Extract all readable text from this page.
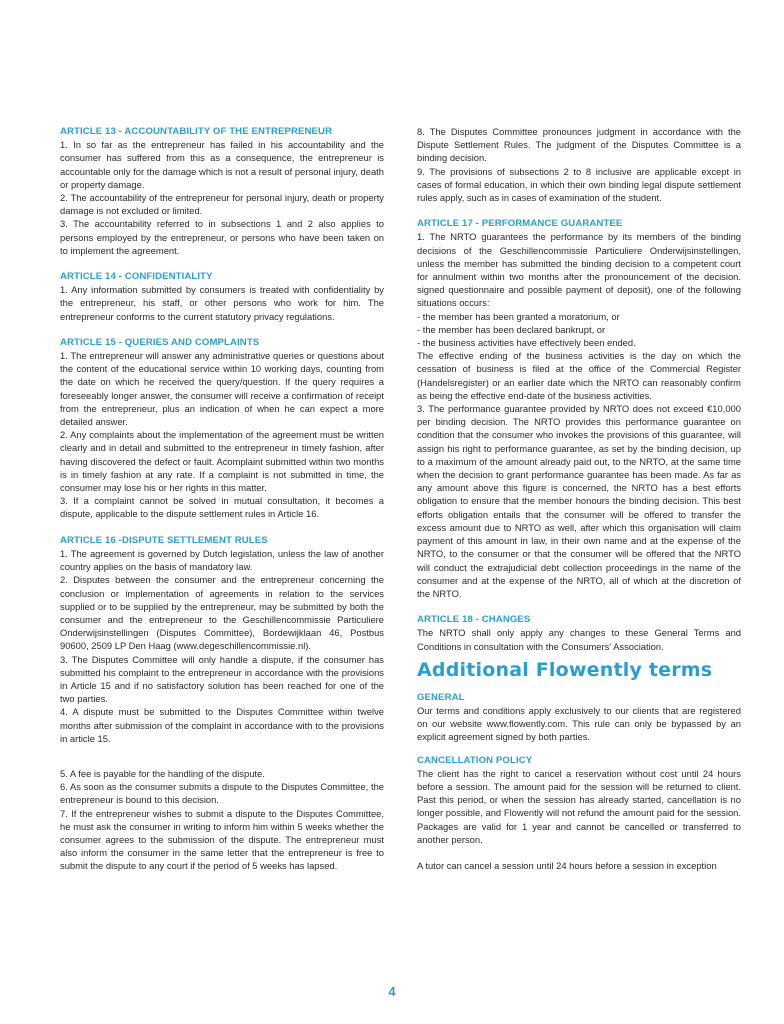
ARTICLE 13 - ACCOUNTABILITY OF THE ENTREPRENEUR

1. In so far as the entrepreneur has failed in his accountability and the consumer has suffered from this as a consequence, the entrepreneur is accountable only for the damage which is not a result of personal injury, death or property damage.

2. The accountability of the entrepreneur for personal injury, death or property damage is not excluded or limited.

3. The accountability referred to in subsections 1 and 2 also applies to persons employed by the entrepreneur, or persons who have been taken on to implement the agreement.

ARTICLE 14 - CONFIDENTIALITY

1. Any information submitted by consumers is treated with confidentiality by the entrepreneur, his staff, or other persons who work for him. The entrepreneur conforms to the current statutory privacy regulations.

ARTICLE 15 - QUERIES AND COMPLAINTS

1. The entrepreneur will answer any administrative queries or questions about the content of the educational service within 10 working days, counting from the date on which he received the query/question. If the query requires a foreseeably longer answer, the consumer will receive a confirmation of receipt from the entrepreneur, plus an indication of when he can expect a more detailed answer.

2. Any complaints about the implementation of the agreement must be written clearly and in detail and submitted to the entrepreneur in timely fashion, after having discovered the defect or fault. Acomplaint submitted within two months is in timely fashion at any rate. If a complaint is not submitted in time, the consumer may lose his or her rights in this matter.

3. If a complaint cannot be solved in mutual consultation, it becomes a dispute, applicable to the dispute settlement rules in Article 16.

ARTICLE 16 -DISPUTE SETTLEMENT RULES

1. The agreement is governed by Dutch legislation, unless the law of another country applies on the basis of mandatory law.

2. Disputes between the consumer and the entrepreneur concerning the conclusion or implementation of agreements in relation to the services supplied or to be supplied by the entrepreneur, may be submitted by both the consumer and the entrepreneur to the Geschillencommissie Particuliere Onderwijsinstellingen (Disputes Committee), Bordewijklaan 46, Postbus 90600, 2509 LP Den Haag (www.degeschillencommissie.nl).

3. The Disputes Committee will only handle a dispute, if the consumer has submitted his complaint to the entrepreneur in accordance with the provisions in Article 15 and if no satisfactory solution has been reached for one of the two parties.

4. A dispute must be submitted to the Disputes Committee within twelve months after submission of the complaint in accordance with to the provisions in article 15.

5. A fee is payable for the handling of the dispute.

6. As soon as the consumer submits a dispute to the Disputes Committee, the entrepreneur is bound to this decision.

7. If the entrepreneur wishes to submit a dispute to the Disputes Committee, he must ask the consumer in writing to inform him within 5 weeks whether the consumer agrees to the submission of the dispute. The entrepreneur must also inform the consumer in the same letter that the entrepreneur is free to submit the dispute to any court if the period of 5 weeks has lapsed.

8. The Disputes Committee pronounces judgment in accordance with the Dispute Settlement Rules. The judgment of the Disputes Committee is a binding decision.

9. The provisions of subsections 2 to 8 inclusive are applicable except in cases of formal education, in which their own binding legal dispute settlement rules apply, such as in cases of examination of the student.

ARTICLE 17 - PERFORMANCE GUARANTEE

1. The NRTO guarantees the performance by its members of the binding decisions of the Geschillencommissie Particuliere Onderwijsinstellingen, unless the member has submitted the binding decision to a competent court for annulment within two months after the pronouncement of the decision. signed questionnaire and possible payment of deposit), one of the following situations occurs:

- the member has been granted a moratorium, or

- the member has been declared bankrupt, or

- the business activities have effectively been ended.

The effective ending of the business activities is the day on which the cessation of business is filed at the office of the Commercial Register (Handelsregister) or an earlier date which the NRTO can reasonably confirm as being the effective end-date of the business activities.

3. The performance guarantee provided by NRTO does not exceed €10,000 per binding decision. The NRTO provides this performance guarantee on condition that the consumer who invokes the provisions of this guarantee, will assign his right to performance guarantee, as set by the binding decision, up to a maximum of the amount already paid out, to the NRTO, at the same time when the decision to grant performance guarantee has been made. As far as any amount above this figure is concerned, the NRTO has a best efforts obligation to ensure that the member honours the binding decision. This best efforts obligation entails that the consumer will be offered to transfer the excess amount due to NRTO as well, after which this organisation will claim payment of this amount in law, in their own name and at the expense of the NRTO, to the consumer or that the consumer will be offered that the NRTO will conduct the extrajudicial debt collection proceedings in the name of the consumer and at the expense of the NRTO, all of which at the discretion of the NRTO.

ARTICLE 18 - CHANGES

The NRTO shall only apply any changes to these General Terms and Conditions in consultation with the Consumers' Association.

Additional Flowently terms

GENERAL

Our terms and conditions apply exclusively to our clients that are registered on our website www.flowently.com. This rule can only be bypassed by an explicit agreement signed by both parties.

CANCELLATION POLICY

The client has the right to cancel a reservation without cost until 24 hours before a session. The amount paid for the session will be returned to client. Past this period, or when the session has already started, cancellation is no longer possible, and Flowently will not refund the amount paid for the session. Packages are valid for 1 year and cannot be cancelled or transferred to another person.

A tutor can cancel a session until 24 hours before a session in exception

4
